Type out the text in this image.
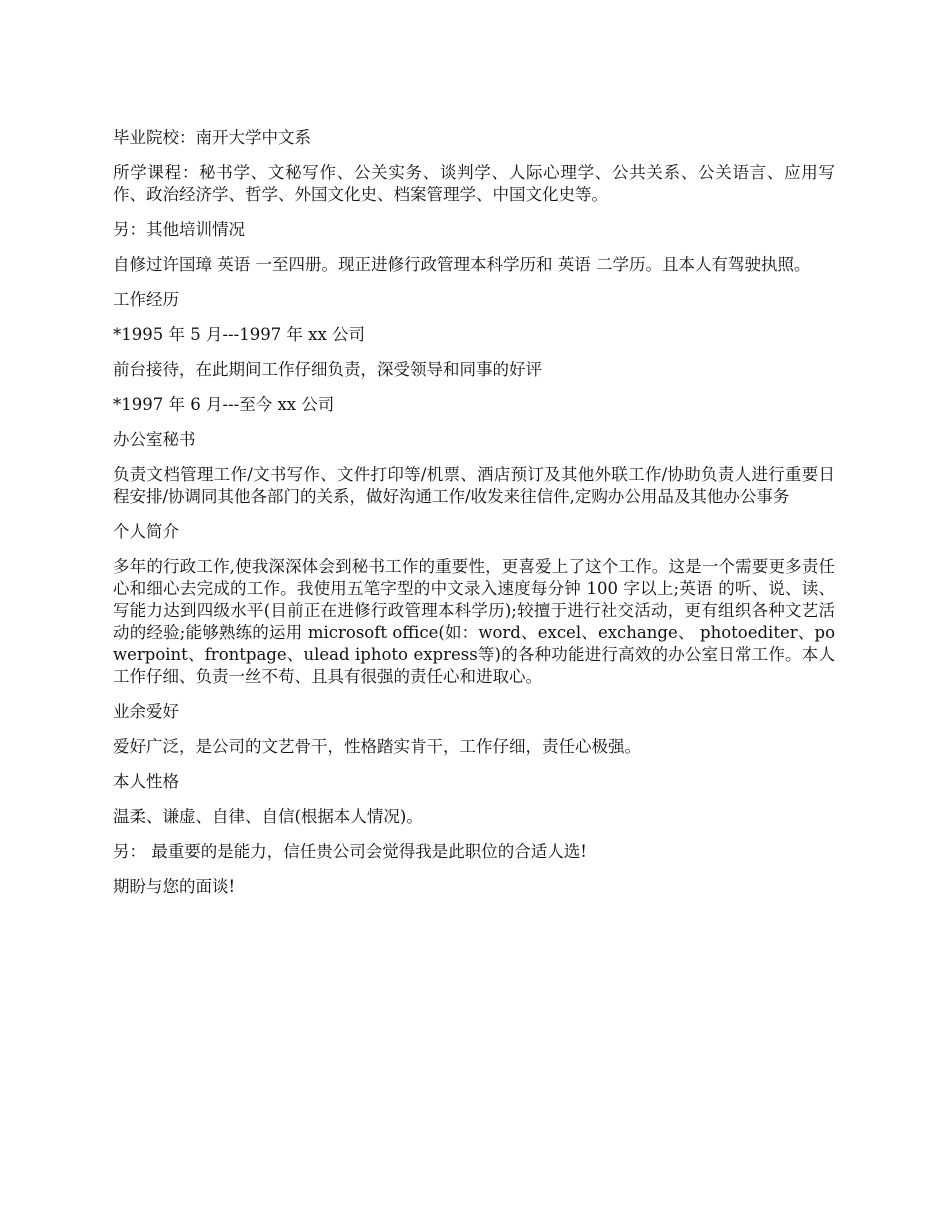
毕业院校：南开大学中文系

所学课程：秘书学、文秘写作、公关实务、谈判学、人际心理学、公共关系、公关语言、应用写作、政治经济学、哲学、外国文化史、档案管理学、中国文化史等。

另：其他培训情况

自修过许国璋 英语 一至四册。现正进修行政管理本科学历和 英语 二学历。且本人有驾驶执照。

工作经历

*1995 年 5 月---1997 年 xx 公司

前台接待，在此期间工作仔细负责，深受领导和同事的好评

*1997 年 6 月---至今 xx 公司

办公室秘书

负责文档管理工作/文书写作、文件打印等/机票、酒店预订及其他外联工作/协助负责人进行重要日程安排/协调同其他各部门的关系，做好沟通工作/收发来往信件,定购办公用品及其他办公事务

个人简介

多年的行政工作,使我深深体会到秘书工作的重要性，更喜爱上了这个工作。这是一个需要更多责任心和细心去完成的工作。我使用五笔字型的中文录入速度每分钟 100 字以上;英语 的听、说、读、写能力达到四级水平(目前正在进修行政管理本科学历);较擅于进行社交活动，更有组织各种文艺活动的经验;能够熟练的运用 microsoft office(如：word、excel、exchange、 photoediter、powerpoint、frontpage、ulead iphoto express等)的各种功能进行高效的办公室日常工作。本人工作仔细、负责一丝不苟、且具有很强的责任心和进取心。

业余爱好

爱好广泛，是公司的文艺骨干，性格踏实肯干，工作仔细，责任心极强。

本人性格

温柔、谦虚、自律、自信(根据本人情况)。

另： 最重要的是能力，信任贵公司会觉得我是此职位的合适人选!

期盼与您的面谈!
